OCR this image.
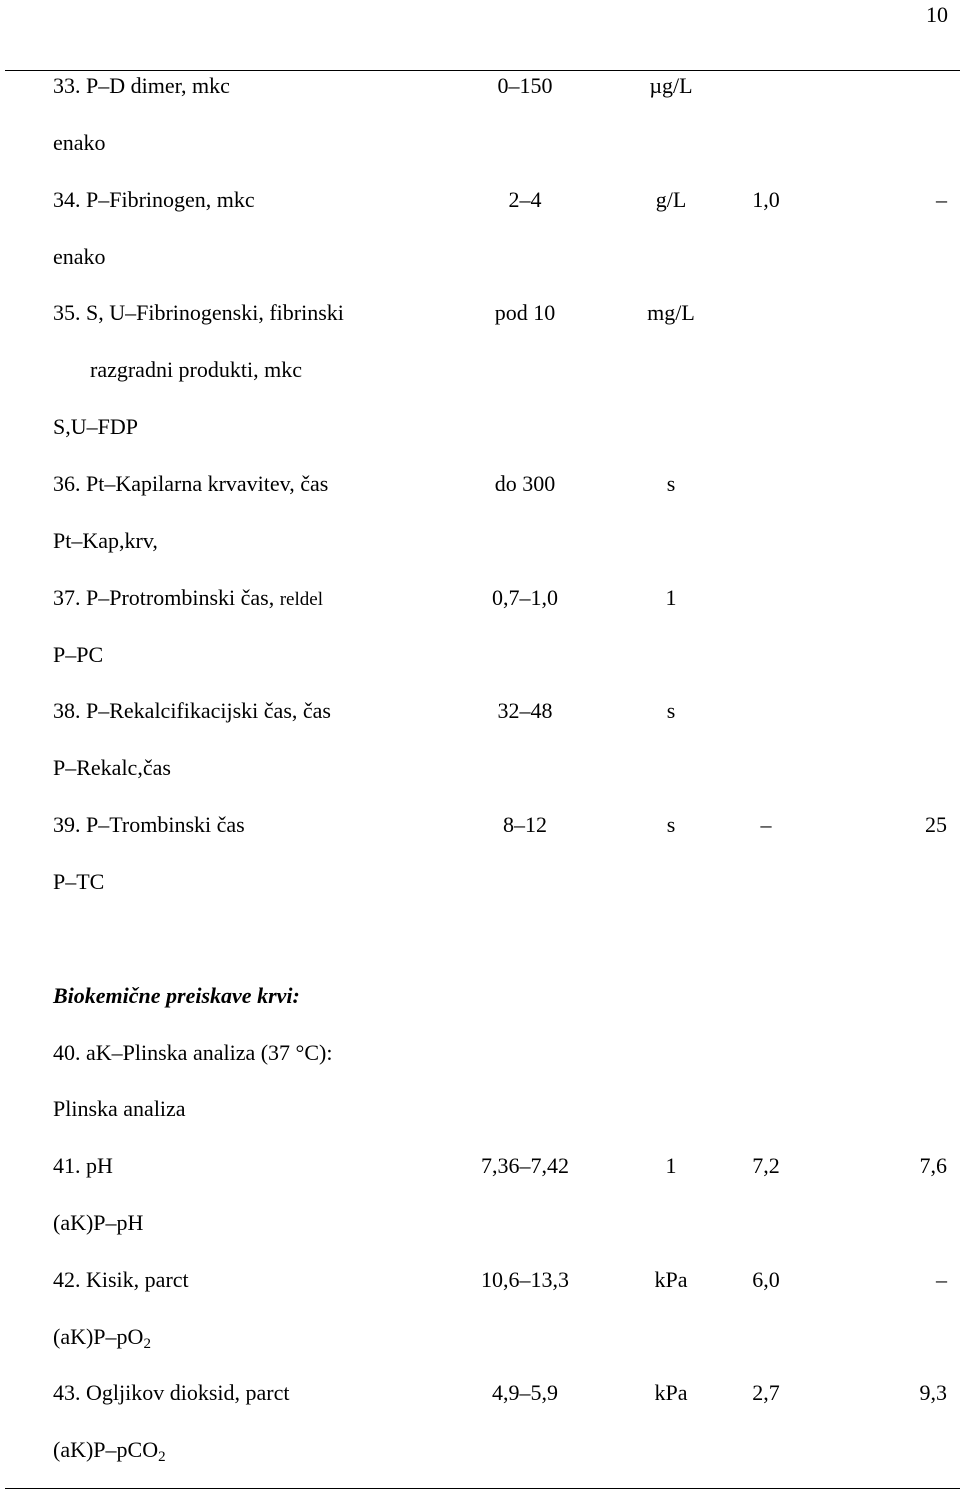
10
33. P–D dimer, mkc	0–150	µg/L
enako
34. P–Fibrinogen, mkc	2–4	g/L	1,0	–
enako
35. S, U–Fibrinogenski, fibrinski	pod 10	mg/L
razgradni produkti, mkc
S,U–FDP
36. Pt–Kapilarna krvavitev, čas	do 300	s
Pt–Kap,krv,
37. P–Protrombinski čas, reldel	0,7–1,0	1
P–PC
38. P–Rekalcifikacijski čas, čas	32–48	s
P–Rekalc,čas
39. P–Trombinski čas	8–12	s	–	25
P–TC
Biokemične preiskave krvi:
40. aK–Plinska analiza (37 °C):
Plinska analiza
41. pH	7,36–7,42	1	7,2	7,6
(aK)P–pH
42. Kisik, parct	10,6–13,3	kPa	6,0	–
$(aK)P-pO_2$
43. Ogljikov dioksid, parct	4,9–5,9	kPa	2,7	9,3
(aK)P–pCO$_2$
